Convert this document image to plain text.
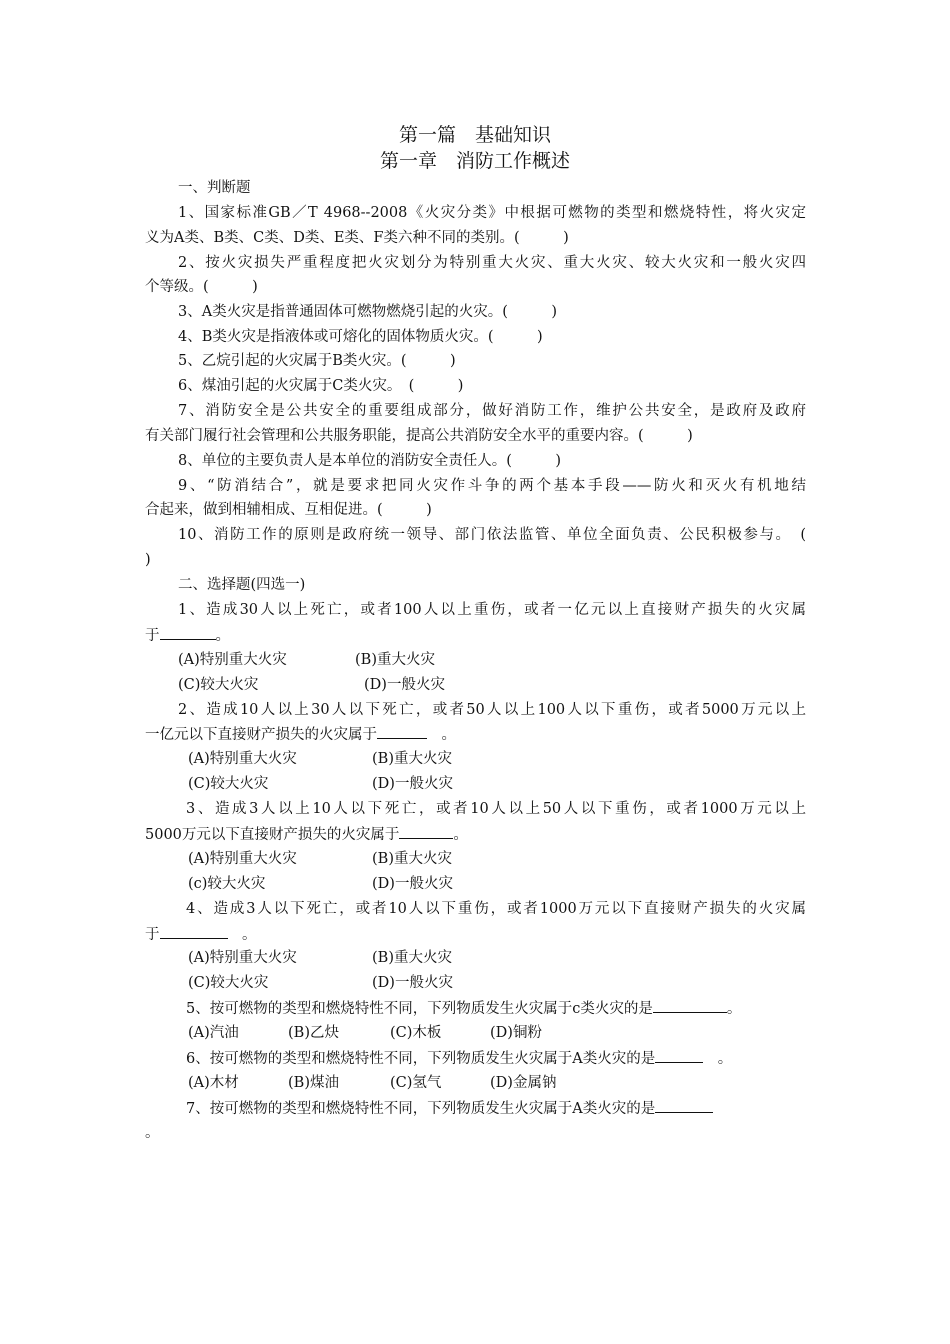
第一篇　基础知识
第一章　消防工作概述
一、判断题
1、国家标准GB／T 4968--2008《火灾分类》中根据可燃物的类型和燃烧特性，将火灾定
义为A类、B类、C类、D类、E类、F类六种不同的类别。(　　　)
2、按火灾损失严重程度把火灾划分为特别重大火灾、重大火灾、较大火灾和一般火灾四
个等级。(　　　)
3、A类火灾是指普通固体可燃物燃烧引起的火灾。(　　　)
4、B类火灾是指液体或可熔化的固体物质火灾。(　　　)
5、乙烷引起的火灾属于B类火灾。(　　　)
6、煤油引起的火灾属于C类火灾。　(　　　)
7、消防安全是公共安全的重要组成部分，做好消防工作，维护公共安全，是政府及政府
有关部门履行社会管理和公共服务职能，提高公共消防安全水平的重要内容。(　　　)
8、单位的主要负责人是本单位的消防安全责任人。(　　　)
9、“防消结合”，就是要求把同火灾作斗争的两个基本手段——防火和灭火有机地结
合起来，做到相辅相成、互相促进。(　　　)
10、消防工作的原则是政府统一领导、部门依法监管、单位全面负责、公民积极参与。　(
)
二、选择题(四选一)
1、造成30人以上死亡，或者100人以上重伤，或者一亿元以上直接财产损失的火灾属
于	。
(A)特别重大火灾	(B)重大火灾
(C)较大火灾	(D)一般火灾
2、造成10人以上30人以下死亡，或者50人以上100人以下重伤，或者5000万元以上
一亿元以下直接财产损失的火灾属于	　。
(A)特别重大火灾	(B)重大火灾
(C)较大火灾	(D)一般火灾
3、造成3人以上10人以下死亡，或者10人以上50人以下重伤，或者1000万元以上
5000万元以下直接财产损失的火灾属于	。
(A)特别重大火灾	(B)重大火灾
(c)较大火灾	(D)一般火灾
4、造成3人以下死亡，或者10人以下重伤，或者1000万元以下直接财产损失的火灾属
于	　。
(A)特别重大火灾	(B)重大火灾
(C)较大火灾	(D)一般火灾
5、按可燃物的类型和燃烧特性不同，下列物质发生火灾属于c类火灾的是	。
(A)汽油	(B)乙炔	(C)木板	(D)铜粉
6、按可燃物的类型和燃烧特性不同，下列物质发生火灾属于A类火灾的是	　。
(A)木材	(B)煤油	(C)氢气	(D)金属钠
7、按可燃物的类型和燃烧特性不同，下列物质发生火灾属于A类火灾的是
。
